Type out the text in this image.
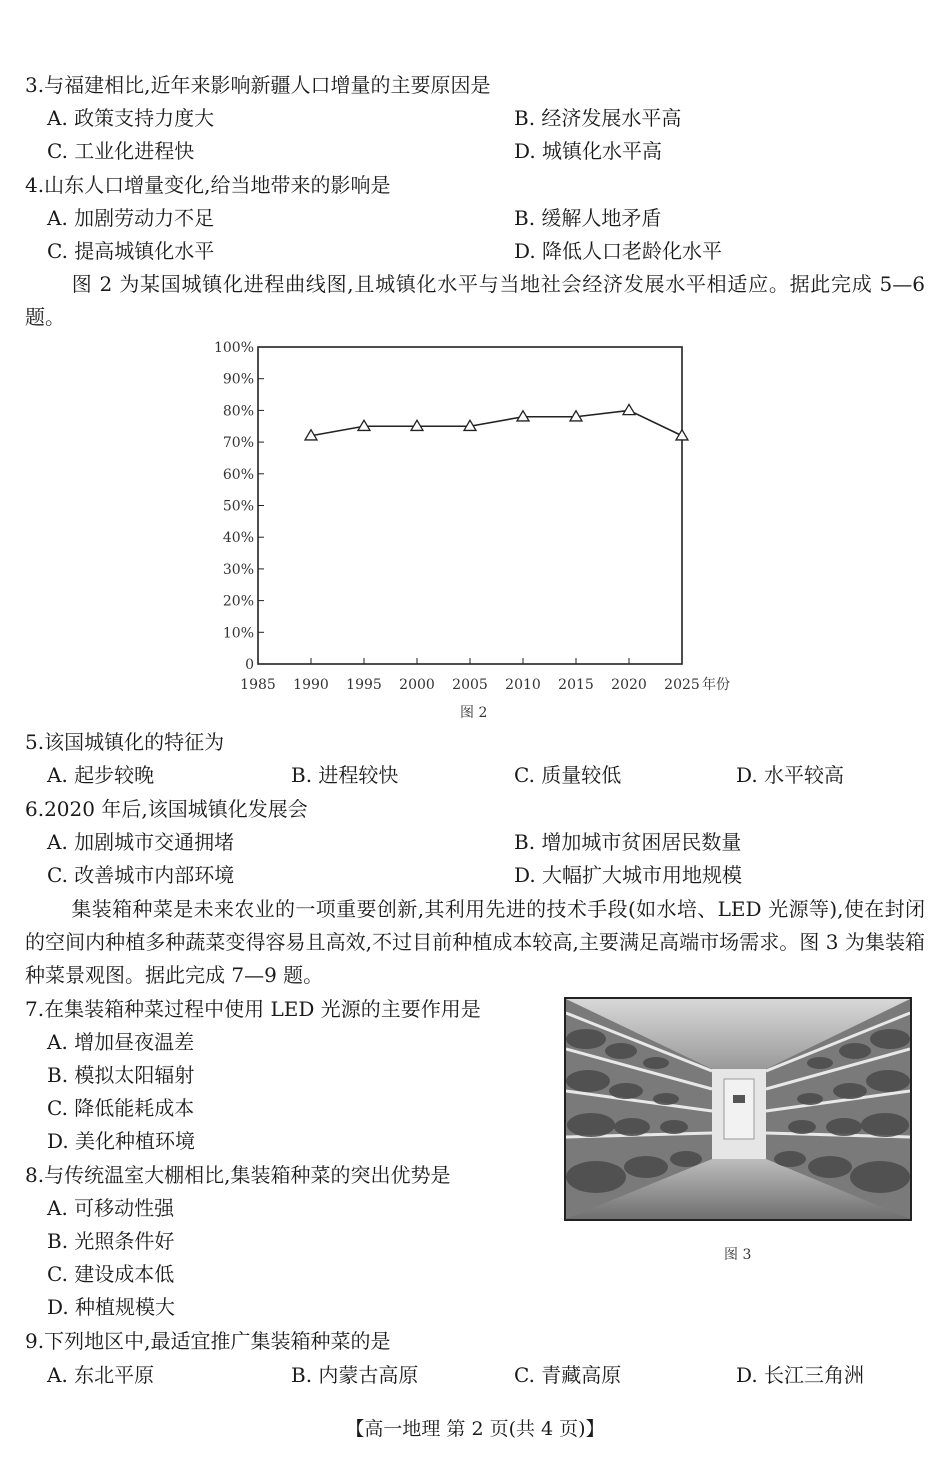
3.与福建相比,近年来影响新疆人口增量的主要原因是
A. 政策支持力度大	B. 经济发展水平高
C. 工业化进程快	D. 城镇化水平高
4.山东人口增量变化,给当地带来的影响是
A. 加剧劳动力不足	B. 缓解人地矛盾
C. 提高城镇化水平	D. 降低人口老龄化水平
图 2 为某国城镇化进程曲线图,且城镇化水平与当地社会经济发展水平相适应。据此完成 5—6 题。
0
10%
20%
30%
40%
50%
60%
70%
80%
90%
100%
1985 1990 1995 2000 2005 2010 2015 2020 2025 年份
图 2
5.该国城镇化的特征为
A. 起步较晚	B. 进程较快	C. 质量较低	D. 水平较高
6.2020 年后,该国城镇化发展会
A. 加剧城市交通拥堵	B. 增加城市贫困居民数量
C. 改善城市内部环境	D. 大幅扩大城市用地规模
集装箱种菜是未来农业的一项重要创新,其利用先进的技术手段(如水培、LED 光源等),使在封闭的空间内种植多种蔬菜变得容易且高效,不过目前种植成本较高,主要满足高端市场需求。图 3 为集装箱种菜景观图。据此完成 7—9 题。
7.在集装箱种菜过程中使用 LED 光源的主要作用是
A. 增加昼夜温差
B. 模拟太阳辐射
C. 降低能耗成本
D. 美化种植环境
8.与传统温室大棚相比,集装箱种菜的突出优势是
A. 可移动性强
B. 光照条件好
C. 建设成本低
D. 种植规模大
9.下列地区中,最适宜推广集装箱种菜的是
A. 东北平原	B. 内蒙古高原	C. 青藏高原	D. 长江三角洲
图 3
【高一地理 第 2 页(共 4 页)】
